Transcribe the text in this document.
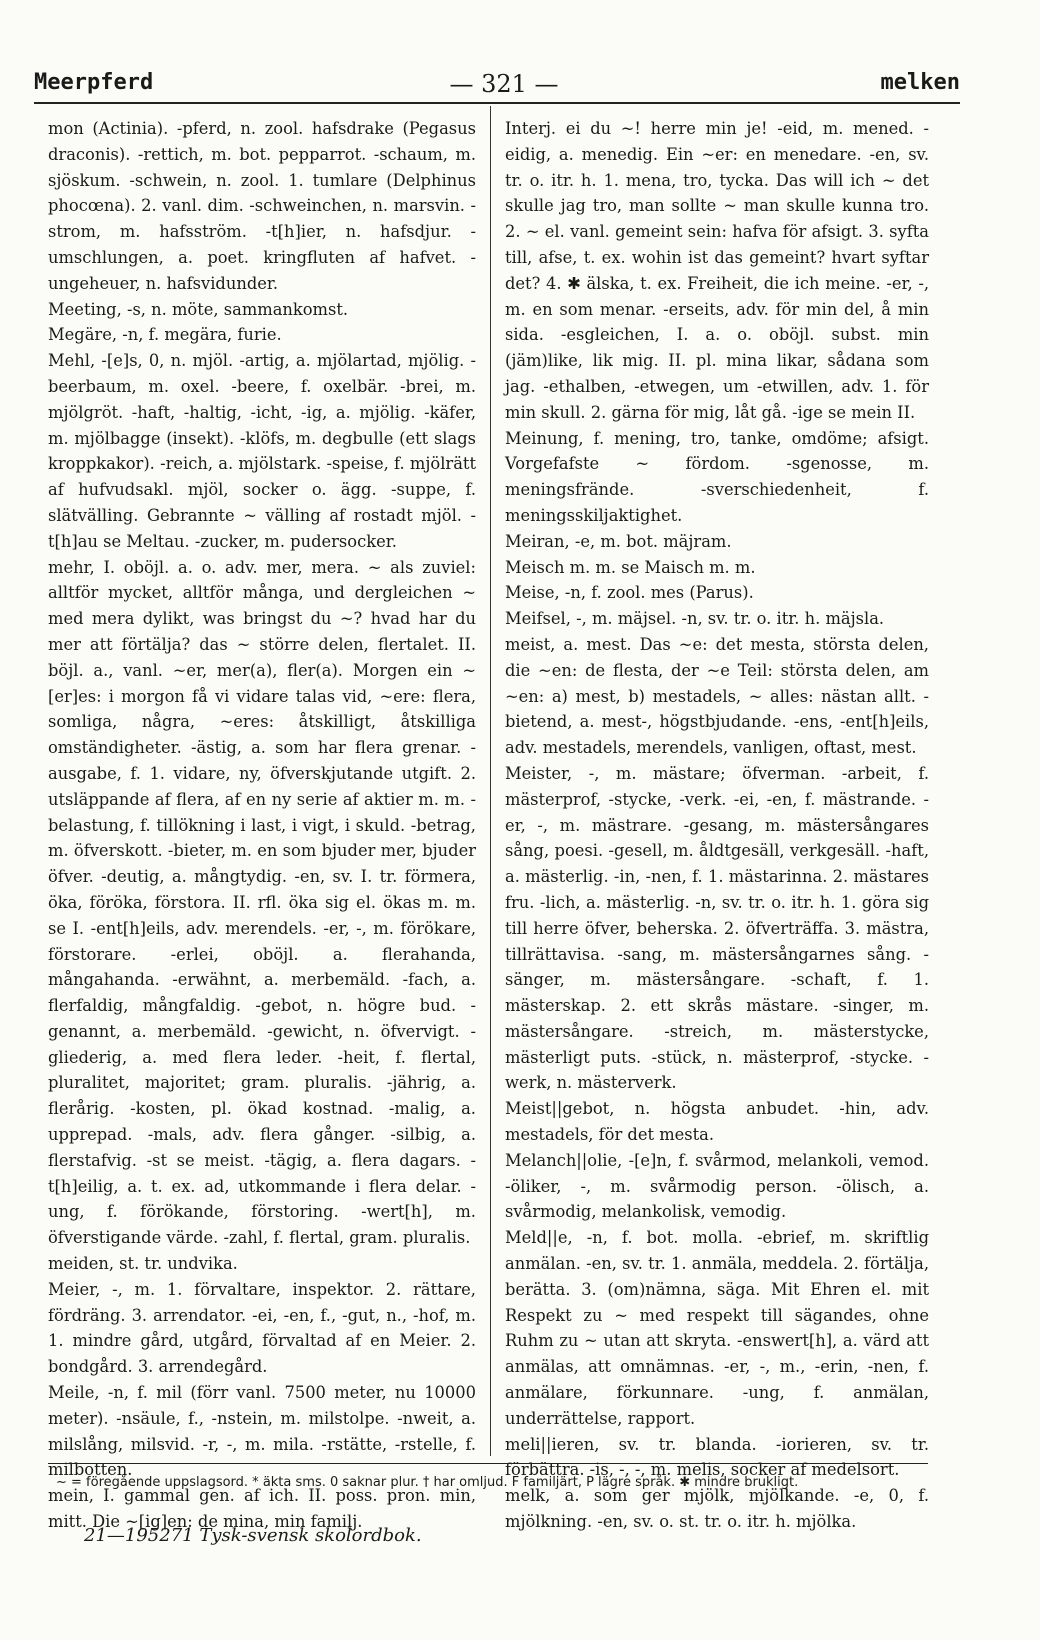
Meerpferd	— 321 —	melken

mon (Actinia). -pferd, n. zool. hafsdrake (Pegasus draconis). -rettich, m. bot. pepparrot. -schaum, m. sjöskum. -schwein, n. zool. 1. tumlare (Delphinus phocœna). 2. vanl. dim. -schweinchen, n. marsvin. -strom, m. hafsström. -t[h]ier, n. hafsdjur. -umschlungen, a. poet. kringfluten af hafvet. -ungeheuer, n. hafsvidunder.

Meeting, -s, n. möte, sammankomst.

Megäre, -n, f. megära, furie.

Mehl, -[e]s, 0, n. mjöl. -artig, a. mjölartad, mjölig. -beerbaum, m. oxel. -beere, f. oxelbär. -brei, m. mjölgröt. -haft, -haltig, -icht, -ig, a. mjölig. -käfer, m. mjölbagge (insekt). -klöfs, m. degbulle (ett slags kroppkakor). -reich, a. mjölstark. -speise, f. mjölrätt af hufvudsakl. mjöl, socker o. ägg. -suppe, f. slätvälling. Gebrannte ~ välling af rostadt mjöl. -t[h]au se Meltau. -zucker, m. pudersocker.

mehr, I. oböjl. a. o. adv. mer, mera. ~ als zuviel: alltför mycket, alltför många, und dergleichen ~ med mera dylikt, was bringst du ~? hvad har du mer att förtälja? das ~ större delen, flertalet. II. böjl. a., vanl. ~er, mer(a), fler(a). Morgen ein ~[er]es: i morgon få vi vidare talas vid, ~ere: flera, somliga, några, ~eres: åtskilligt, åtskilliga omständigheter. -ästig, a. som har flera grenar. -ausgabe, f. 1. vidare, ny, öfverskjutande utgift. 2. utsläppande af flera, af en ny serie af aktier m. m. -belastung, f. tillökning i last, i vigt, i skuld. -betrag, m. öfverskott. -bieter, m. en som bjuder mer, bjuder öfver. -deutig, a. mångtydig. -en, sv. I. tr. förmera, öka, föröka, förstora. II. rfl. öka sig el. ökas m. m. se I. -ent[h]eils, adv. merendels. -er, -, m. förökare, förstorare. -erlei, oböjl. a. flerahanda, mångahanda. -erwähnt, a. merbemäld. -fach, a. flerfaldig, mångfaldig. -gebot, n. högre bud. -genannt, a. merbemäld. -gewicht, n. öfvervigt. -gliederig, a. med flera leder. -heit, f. flertal, pluralitet, majoritet; gram. pluralis. -jährig, a. flerårig. -kosten, pl. ökad kostnad. -malig, a. upprepad. -mals, adv. flera gånger. -silbig, a. flerstafvig. -st se meist. -tägig, a. flera dagars. -t[h]eilig, a. t. ex. ad, utkommande i flera delar. -ung, f. förökande, förstoring. -wert[h], m. öfverstigande värde. -zahl, f. flertal, gram. pluralis.

meiden, st. tr. undvika.

Meier, -, m. 1. förvaltare, inspektor. 2. rättare, fördräng. 3. arrendator. -ei, -en, f., -gut, n., -hof, m. 1. mindre gård, utgård, förvaltad af en Meier. 2. bondgård. 3. arrendegård.

Meile, -n, f. mil (förr vanl. 7500 meter, nu 10000 meter). -nsäule, f., -nstein, m. milstolpe. -nweit, a. milslång, milsvid. -r, -, m. mila. -rstätte, -rstelle, f. milbotten.

mein, I. gammal gen. af ich. II. poss. pron. min, mitt. Die ~[ig]en: de mina, min familj.

Interj. ei du ~! herre min je! -eid, m. mened. -eidig, a. menedig. Ein ~er: en menedare. -en, sv. tr. o. itr. h. 1. mena, tro, tycka. Das will ich ~ det skulle jag tro, man sollte ~ man skulle kunna tro. 2. ~ el. vanl. gemeint sein: hafva för afsigt. 3. syfta till, afse, t. ex. wohin ist das gemeint? hvart syftar det? 4. ✱ älska, t. ex. Freiheit, die ich meine. -er, -, m. en som menar. -erseits, adv. för min del, å min sida. -esgleichen, I. a. o. oböjl. subst. min (jäm)like, lik mig. II. pl. mina likar, sådana som jag. -ethalben, -etwegen, um -etwillen, adv. 1. för min skull. 2. gärna för mig, låt gå. -ige se mein II.

Meinung, f. mening, tro, tanke, omdöme; afsigt. Vorgefafste ~ fördom. -sgenosse, m. meningsfrände. -sverschiedenheit, f. meningsskiljaktighet.

Meiran, -e, m. bot. mäjram.

Meisch m. m. se Maisch m. m.

Meise, -n, f. zool. mes (Parus).

Meifsel, -, m. mäjsel. -n, sv. tr. o. itr. h. mäjsla.

meist, a. mest. Das ~e: det mesta, största delen, die ~en: de flesta, der ~e Teil: största delen, am ~en: a) mest, b) mestadels, ~ alles: nästan allt. -bietend, a. mest-, högstbjudande. -ens, -ent[h]eils, adv. mestadels, merendels, vanligen, oftast, mest.

Meister, -, m. mästare; öfverman. -arbeit, f. mästerprof, -stycke, -verk. -ei, -en, f. mästrande. -er, -, m. mästrare. -gesang, m. mästersångares sång, poesi. -gesell, m. åldtgesäll, verkgesäll. -haft, a. mästerlig. -in, -nen, f. 1. mästarinna. 2. mästares fru. -lich, a. mästerlig. -n, sv. tr. o. itr. h. 1. göra sig till herre öfver, beherska. 2. öfverträffa. 3. mästra, tillrättavisa. -sang, m. mästersångarnes sång. -sänger, m. mästersångare. -schaft, f. 1. mästerskap. 2. ett skrås mästare. -singer, m. mästersångare. -streich, m. mästerstycke, mästerligt puts. -stück, n. mästerprof, -stycke. -werk, n. mästerverk.

Meist||gebot, n. högsta anbudet. -hin, adv. mestadels, för det mesta.

Melanch||olie, -[e]n, f. svårmod, melankoli, vemod. -öliker, -, m. svårmodig person. -ölisch, a. svårmodig, melankolisk, vemodig.

Meld||e, -n, f. bot. molla. -ebrief, m. skriftlig anmälan. -en, sv. tr. 1. anmäla, meddela. 2. förtälja, berätta. 3. (om)nämna, säga. Mit Ehren el. mit Respekt zu ~ med respekt till sägandes, ohne Ruhm zu ~ utan att skryta. -enswert[h], a. värd att anmälas, att omnämnas. -er, -, m., -erin, -nen, f. anmälare, förkunnare. -ung, f. anmälan, underrättelse, rapport.

meli||ieren, sv. tr. blanda. -iorieren, sv. tr. förbättra. -is, -, -, m. melis, socker af medelsort.

melk, a. som ger mjölk, mjölkande. -e, 0, f. mjölkning. -en, sv. o. st. tr. o. itr. h. mjölka.

~ = föregående uppslagsord. * äkta sms. 0 saknar plur. † har omljud. F familjärt, P lägre språk. ✱ mindre brukligt.
21—195271 Tysk-svensk skolordbok.
